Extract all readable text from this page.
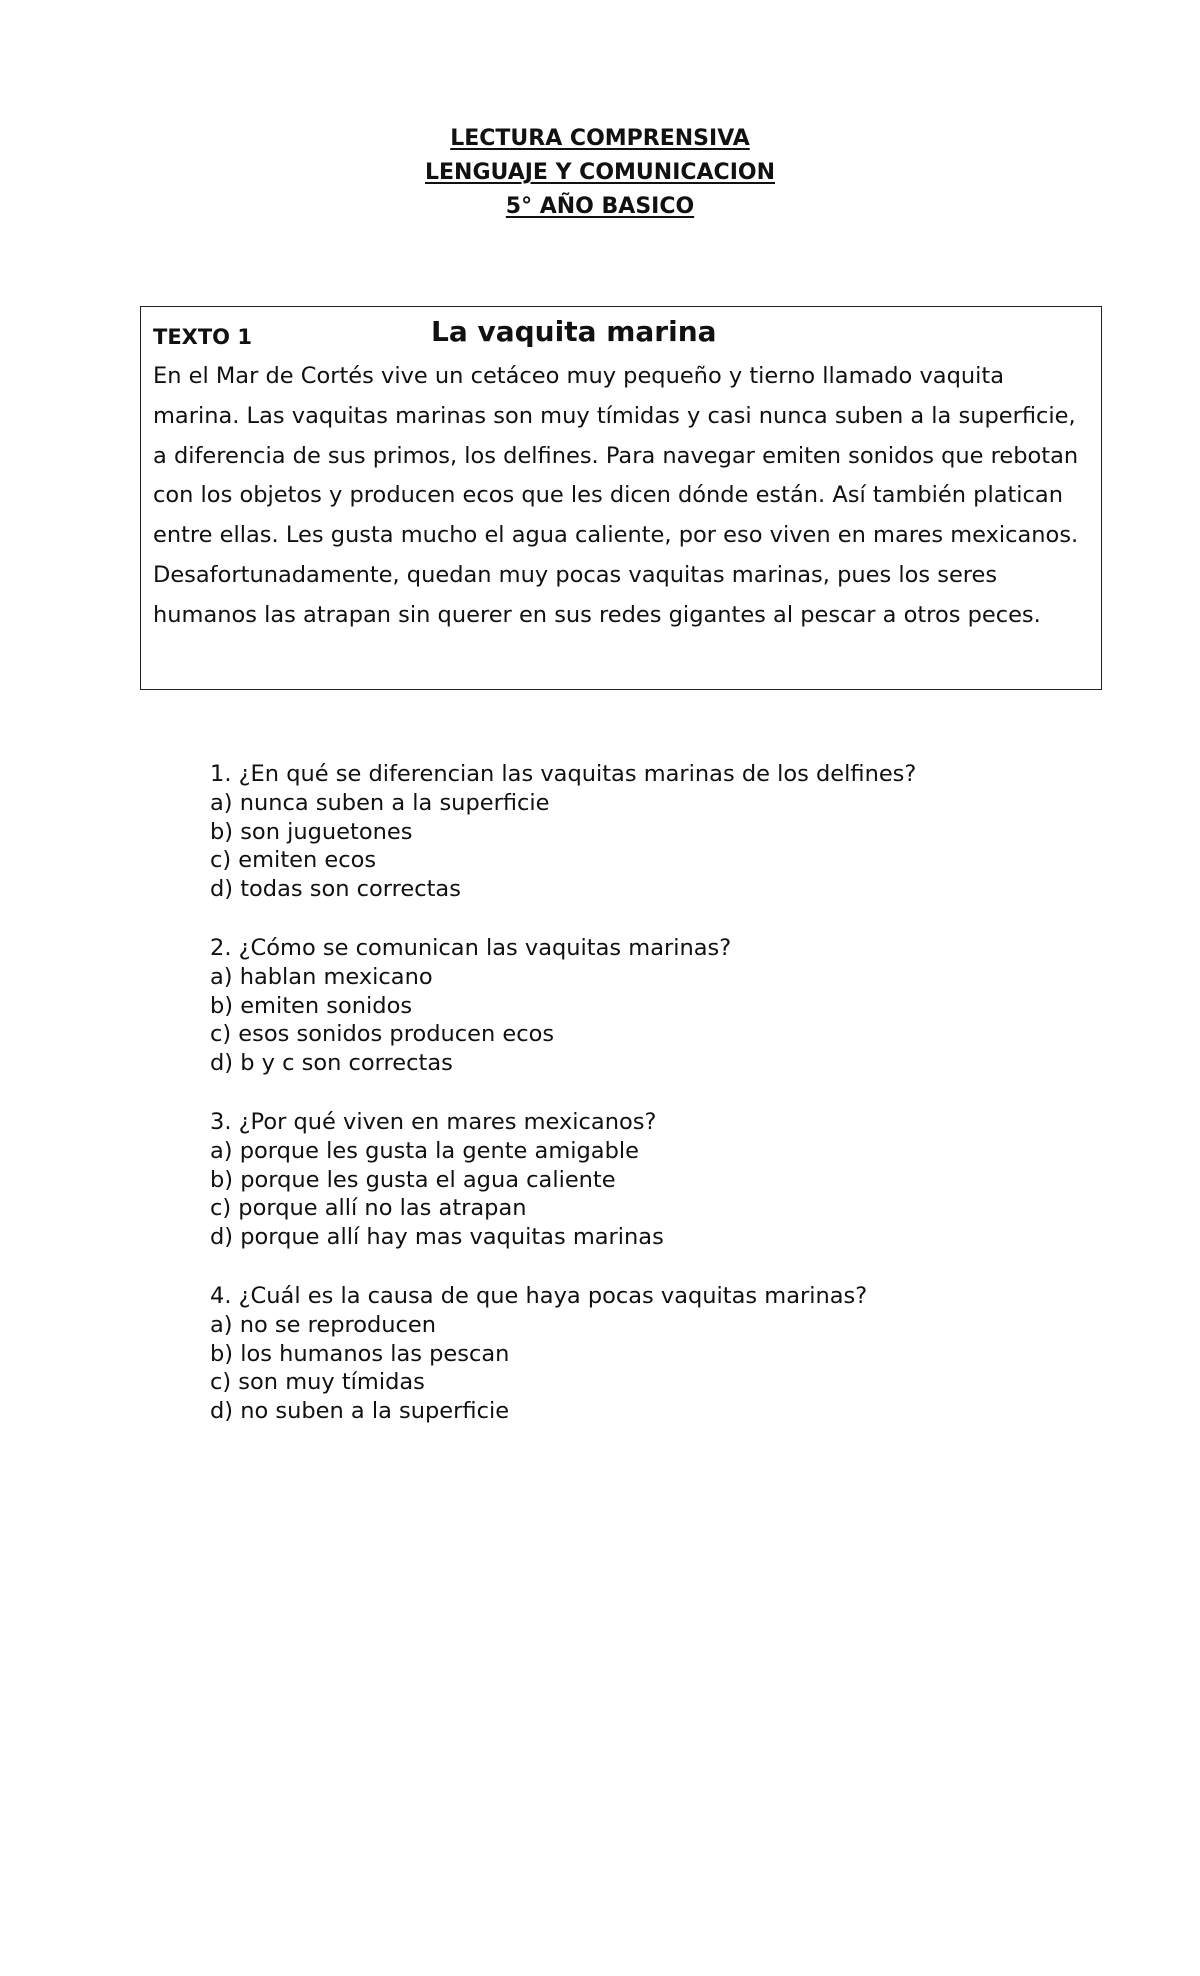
LECTURA COMPRENSIVA
LENGUAJE Y COMUNICACION
5° AÑO BASICO
TEXTO 1	La vaquita marina

En el Mar de Cortés vive un cetáceo muy pequeño y tierno llamado vaquita marina. Las vaquitas marinas son muy tímidas y casi nunca suben a la superficie, a diferencia de sus primos, los delfines. Para navegar emiten sonidos que rebotan con los objetos y producen ecos que les dicen dónde están. Así también platican entre ellas. Les gusta mucho el agua caliente, por eso viven en mares mexicanos. Desafortunadamente, quedan muy pocas vaquitas marinas, pues los seres humanos las atrapan sin querer en sus redes gigantes al pescar a otros peces.

1. ¿En qué se diferencian las vaquitas marinas de los delfines?
a) nunca suben a la superficie
b) son juguetones
c) emiten ecos
d) todas son correctas
2. ¿Cómo se comunican las vaquitas marinas?
a) hablan mexicano
b) emiten sonidos
c) esos sonidos producen ecos
d) b y c son correctas
3. ¿Por qué viven en mares mexicanos?
a) porque les gusta la gente amigable
b) porque les gusta el agua caliente
c) porque allí no las atrapan
d) porque allí hay mas vaquitas marinas
4. ¿Cuál es la causa de que haya pocas vaquitas marinas?
a) no se reproducen
b) los humanos las pescan
c) son muy tímidas
d) no suben a la superficie
